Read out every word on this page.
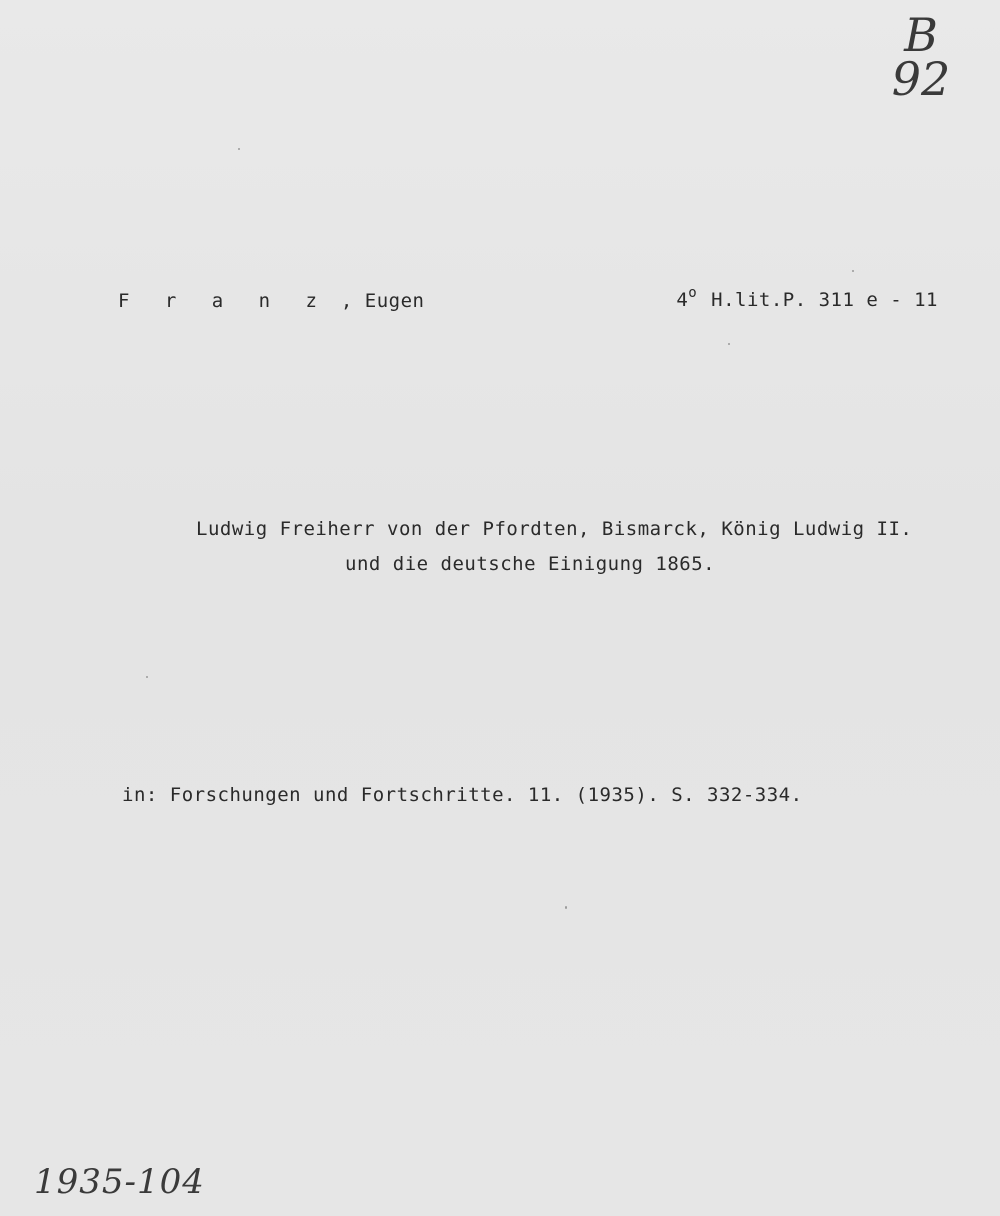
B
92
F r a n z , Eugen	4$^o$ H.lit.P. 311 e - 11
Ludwig Freiherr von der Pfordten, Bismarck, König Ludwig II.
und die deutsche Einigung 1865.
in: Forschungen und Fortschritte. 11. (1935). S. 332-334.
1935-104
